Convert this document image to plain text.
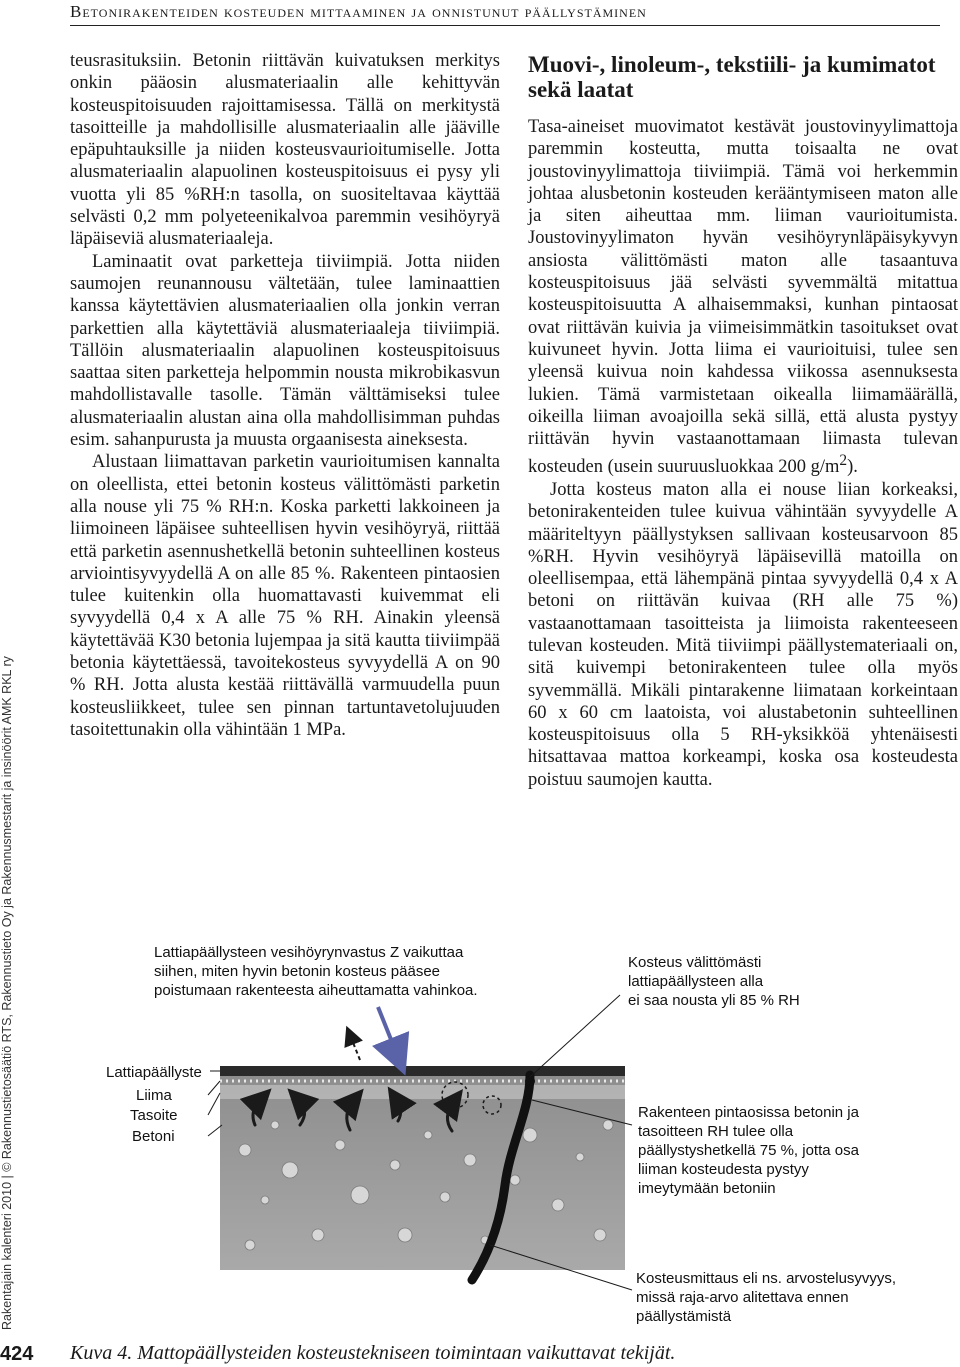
Betonirakenteiden kosteuden mittaaminen ja onnistunut päällystäminen
Rakentajain kalenteri 2010 | © Rakennustietosäätiö RTS, Rakennustieto Oy ja Rakennusmestarit ja insinöörit AMK RKL ry

teusrasituksiin. Betonin riittävän kuivatuksen merkitys onkin pääosin alusmateriaalin alle kehittyvän kosteuspitoisuuden rajoittamisessa. Tällä on merkitystä tasoitteille ja mahdollisille alusmateriaalin alle jääville epäpuhtauksille ja niiden kosteusvaurioitumiselle. Jotta alusmateriaalin alapuolinen kosteuspitoisuus ei pysy yli vuotta yli 85 %RH:n tasolla, on suositeltavaa käyttää selvästi 0,2 mm polyeteenikalvoa paremmin vesihöyryä läpäiseviä alusmateriaaleja.

Laminaatit ovat parketteja tiiviimpiä. Jotta niiden saumojen reunannousu vältetään, tulee laminaattien kanssa käytettävien alusmateriaalien olla jonkin verran parkettien alla käytettäviä alusmateriaaleja tiiviimpiä. Tällöin alusmateriaalin alapuolinen kosteuspitoisuus saattaa siten parketteja helpommin nousta mikrobikasvun mahdollistavalle tasolle. Tämän välttämiseksi tulee alusmateriaalin alustan aina olla mahdollisimman puhdas esim. sahanpurusta ja muusta orgaanisesta aineksesta.

Alustaan liimattavan parketin vaurioitumisen kannalta on oleellista, ettei betonin kosteus välittömästi parketin alla nouse yli 75 % RH:n. Koska parketti lakkoineen ja liimoineen läpäisee suhteellisen hyvin vesihöyryä, riittää että parketin asennushetkellä betonin suhteellinen kosteus arviointisyvyydellä A on alle 85 %. Rakenteen pintaosien tulee kuitenkin olla huomattavasti kuivemmat eli syvyydellä 0,4 x A alle 75 % RH. Ainakin yleensä käytettävää K30 betonia lujempaa ja sitä kautta tiiviimpää betonia käytettäessä, tavoitekosteus syvyydellä A on 90 % RH. Jotta alusta kestää riittävällä varmuudella puun kosteusliikkeet, tulee sen pinnan tartuntavetolujuuden tasoitettunakin olla vähintään 1 MPa.

Muovi-, linoleum-, tekstiili- ja kumimatot sekä laatat

Tasa-aineiset muovimatot kestävät joustovinyylimattoja paremmin kosteutta, mutta toisaalta ne ovat joustovinyylimattoja tiiviimpiä. Tämä voi herkemmin johtaa alusbetonin kosteuden kerääntymiseen maton alle ja siten aiheuttaa mm. liiman vaurioitumista. Joustovinyylimaton hyvän vesihöyrynläpäisykyvyn ansiosta välittömästi maton alle tasaantuva kosteuspitoisuus jää selvästi syvemmältä mitattua kosteuspitoisuutta A alhaisemmaksi, kunhan pintaosat ovat riittävän kuivia ja viimeisimmätkin tasoitukset ovat kuivuneet hyvin. Jotta liima ei vaurioituisi, tulee sen yleensä kuivua noin kahdessa viikossa asennuksesta lukien. Tämä varmistetaan oikealla liimamäärällä, oikeilla liiman avoajoilla sekä sillä, että alusta pystyy riittävän hyvin vastaanottamaan liimasta tulevan kosteuden (usein suuruusluokkaa 200 $g/m^2$).

Jotta kosteus maton alla ei nouse liian korkeaksi, betonirakenteiden tulee kuivua vähintään syvyydelle A määriteltyyn päällystyksen sallivaan kosteusarvoon 85 %RH. Hyvin vesihöyryä läpäisevillä matoilla on oleellisempaa, että lähempänä pintaa syvyydellä 0,4 x A betoni on riittävän kuivaa (RH alle 75 %) vastaanottamaan tasoitteista ja liimoista rakenteeseen tulevan kosteuden. Mitä tiiviimpi päällystemateriaali on, sitä kuivempi betonirakenteen tulee olla myös syvemmällä. Mikäli pintarakenne liimataan korkeintaan 60 x 60 cm laatoista, voi alustabetonin suhteellinen kosteuspitoisuus olla 5 RH-yksikköä yhtenäisesti hitsattavaa mattoa korkeampi, koska osa kosteudesta poistuu saumojen kautta.

Lattiapäällysteen vesihöyrynvastus Z vaikuttaa
siihen, miten hyvin betonin kosteus pääsee
poistumaan rakenteesta aiheuttamatta vahinkoa.
Kosteus välittömästi
lattiapäällysteen alla
ei saa nousta yli 85 % RH
Rakenteen pintaosissa betonin ja
tasoitteen RH tulee olla
päällystyshetkellä 75 %, jotta osa
liiman kosteudesta pystyy
imeytymään betoniin
Kosteusmittaus eli ns. arvostelusyvyys,
missä raja-arvo alitettava ennen
päällystämistä
Lattiapäällyste
Liima
Tasoite
Betoni
424 Kuva 4. Mattopäällysteiden kosteustekniseen toimintaan vaikuttavat tekijät.
